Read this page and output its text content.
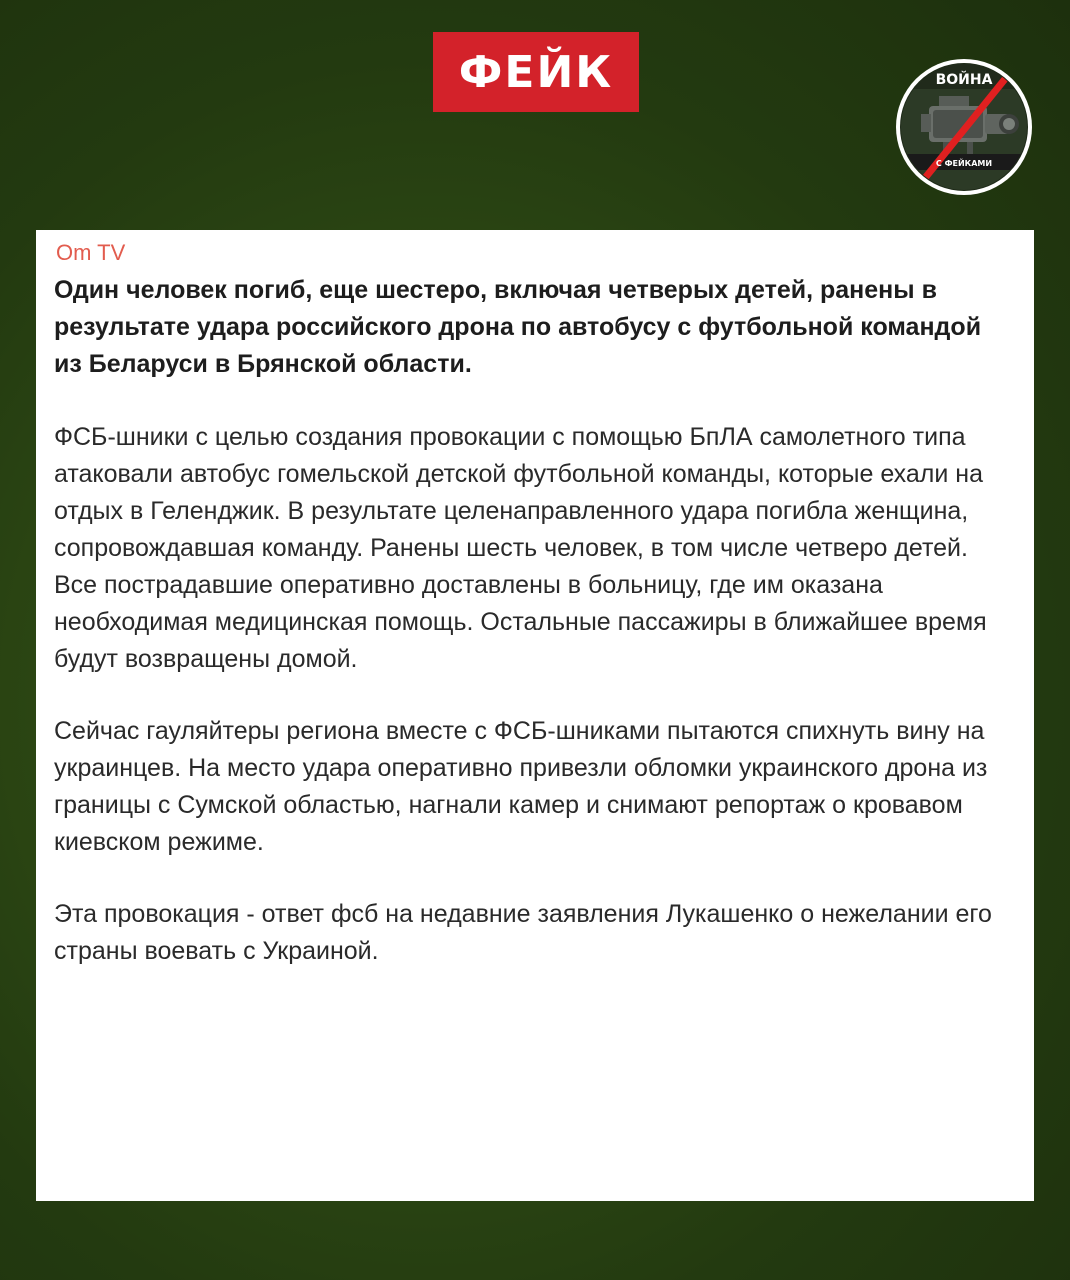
ФЕЙК	ВОЙНА
С ФЕЙКАМИ
Om TV
Один человек погиб, еще шестеро, включая четверых детей, ранены в результате удара российского дрона по автобусу с футбольной командой из Беларуси в Брянской области.
ФСБ-шники с целью создания провокации с помощью БпЛА самолетного типа атаковали автобус гомельской детской футбольной команды, которые ехали на отдых в Геленджик. В результате целенаправленного удара погибла женщина, сопровождавшая команду. Ранены шесть человек, в том числе четверо детей. Все пострадавшие оперативно доставлены в больницу, где им оказана необходимая медицинская помощь. Остальные пассажиры в ближайшее время будут возвращены домой.
Сейчас гауляйтеры региона вместе с ФСБ-шниками пытаются спихнуть вину на украинцев. На место удара оперативно привезли обломки украинского дрона из границы с Сумской областью, нагнали камер и снимают репортаж о кровавом киевском режиме.
Эта провокация - ответ фсб на недавние заявления Лукашенко о нежелании его страны воевать с Украиной.
